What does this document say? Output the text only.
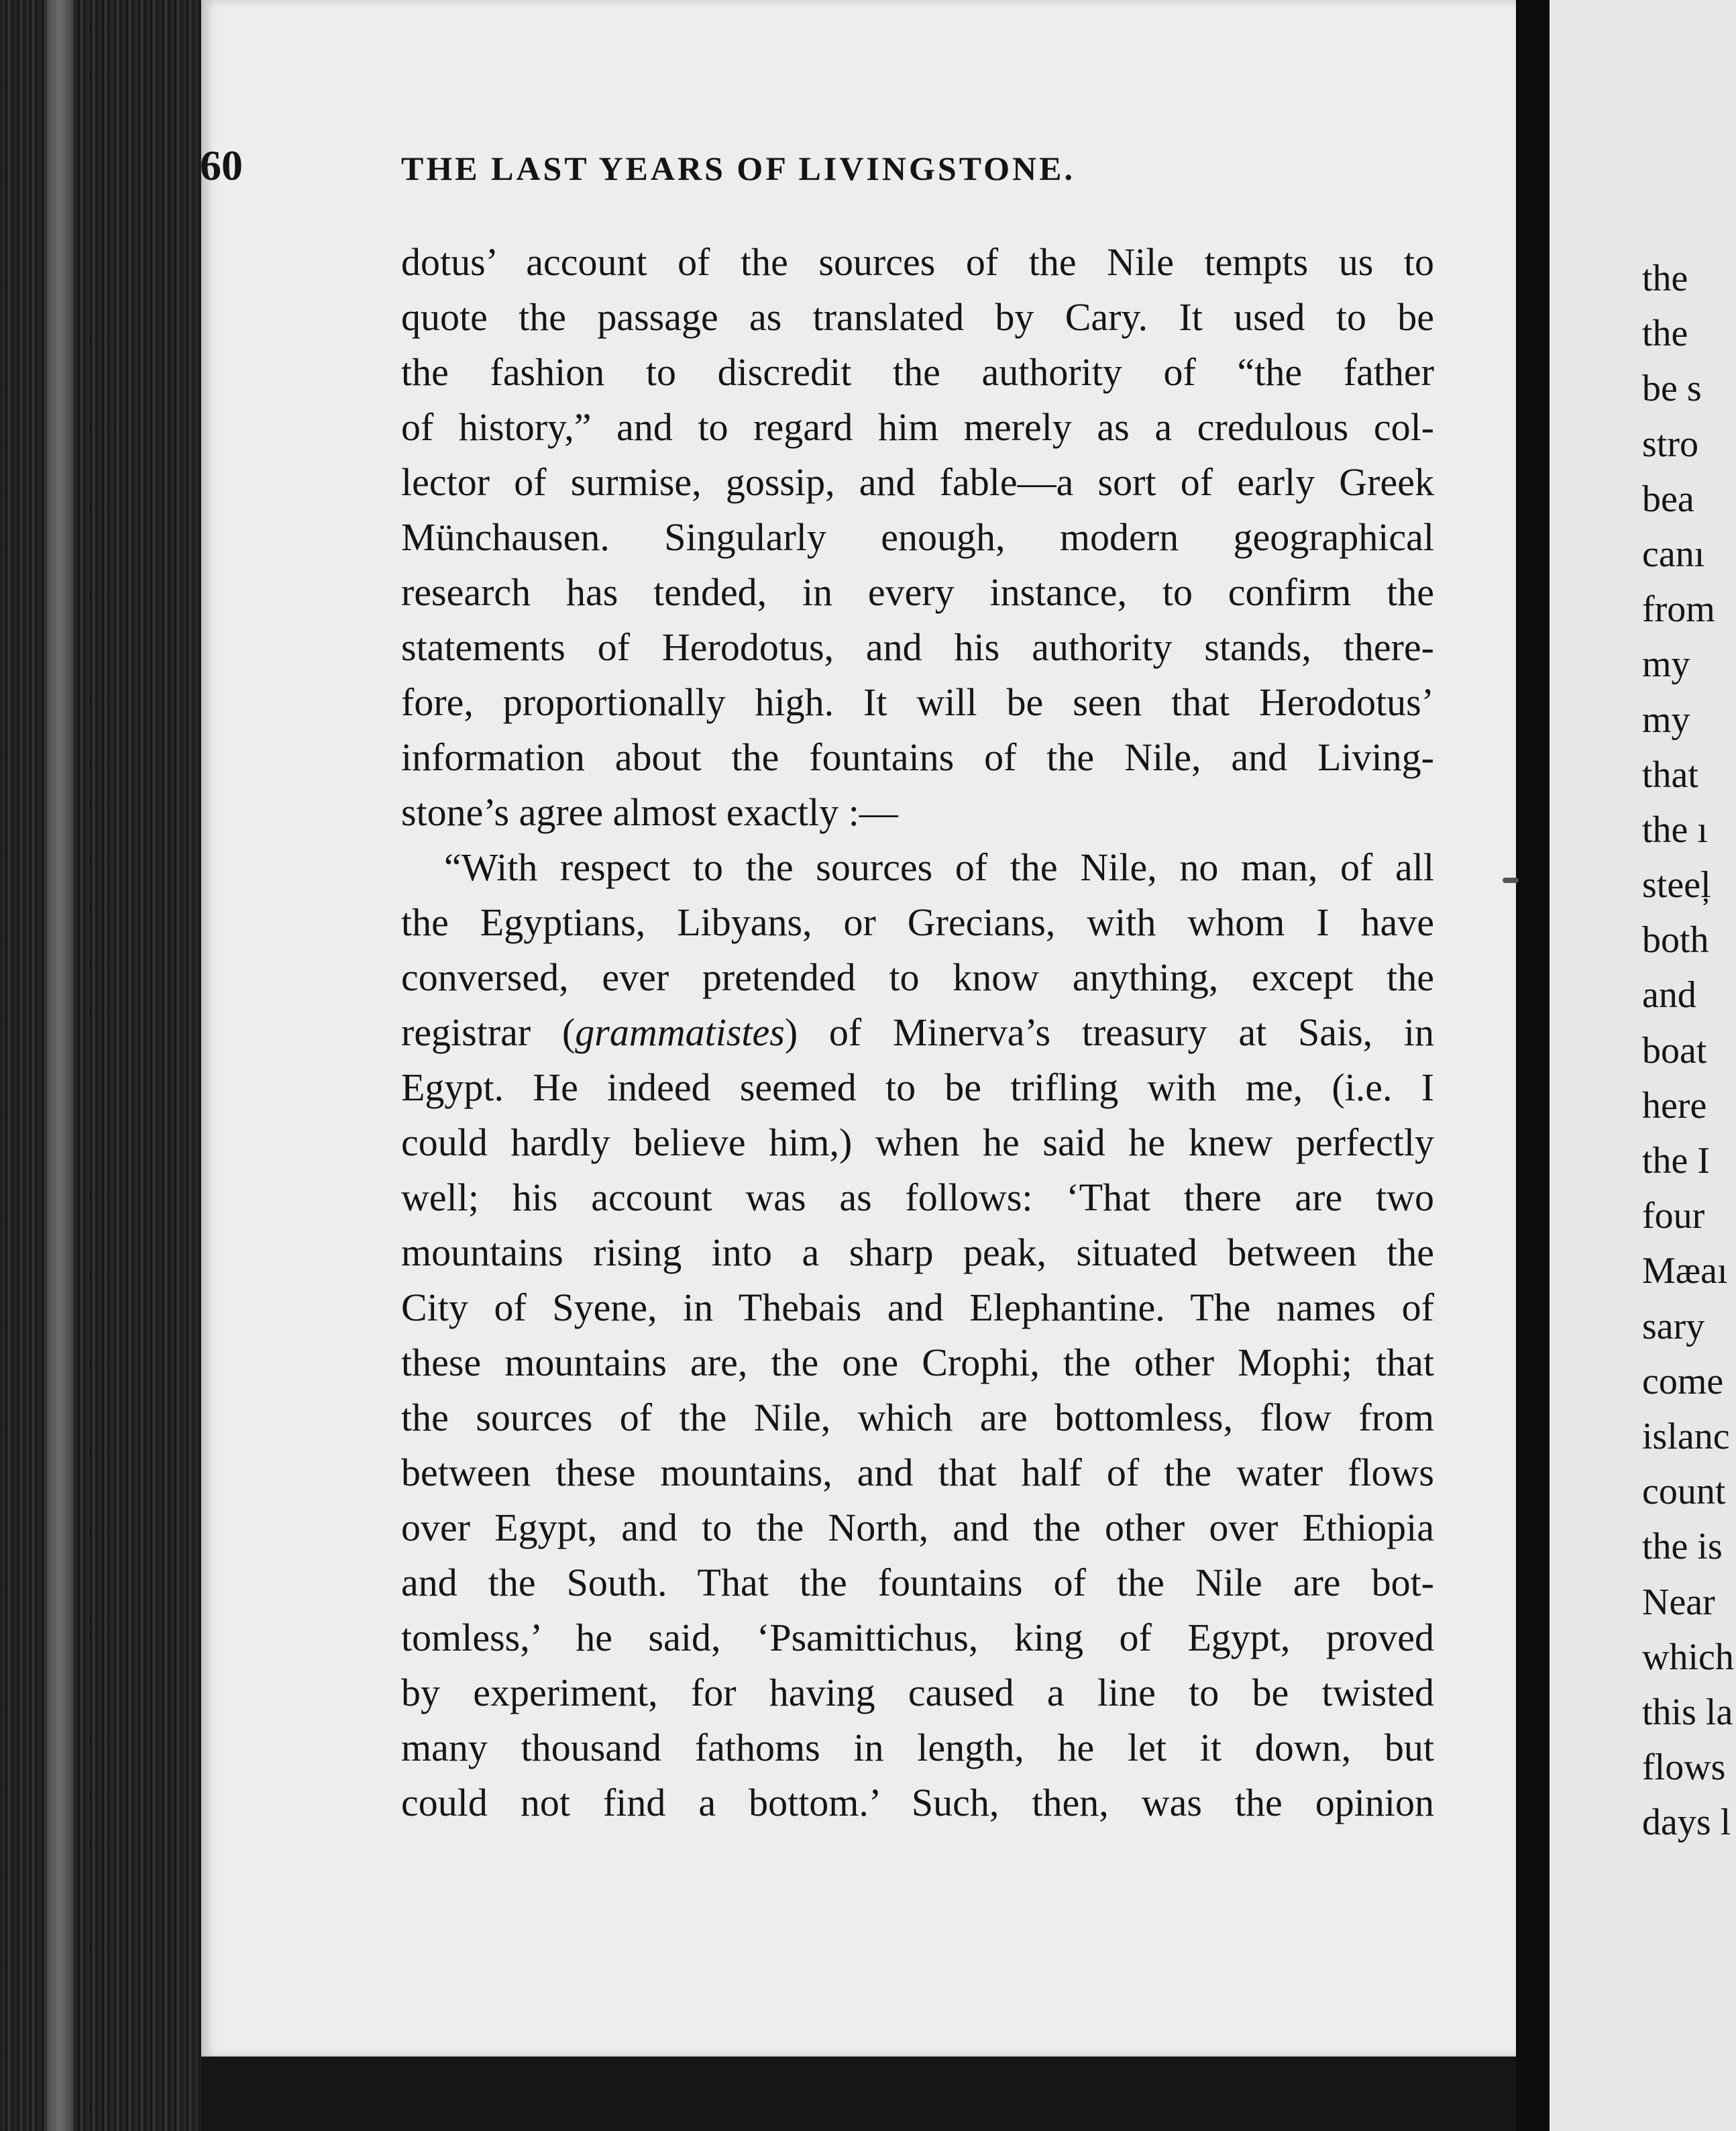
60	THE LAST YEARS OF LIVINGSTONE.
dotus’ account of the sources of the Nile tempts us to
quote the passage as translated by Cary. It used to be
the fashion to discredit the authority of “the father
of history,” and to regard him merely as a credulous col-
lector of surmise, gossip, and fable—a sort of early Greek
Münchausen. Singularly enough, modern geographical
research has tended, in every instance, to confirm the
statements of Herodotus, and his authority stands, there-
fore, proportionally high. It will be seen that Herodotus’
information about the fountains of the Nile, and Living-
stone’s agree almost exactly :—
“With respect to the sources of the Nile, no man, of all
the Egyptians, Libyans, or Grecians, with whom I have
conversed, ever pretended to know anything, except the
registrar (grammatistes) of Minerva’s treasury at Sais, in
Egypt. He indeed seemed to be trifling with me, (i.e. I
could hardly believe him,) when he said he knew perfectly
well; his account was as follows: ‘That there are two
mountains rising into a sharp peak, situated between the
City of Syene, in Thebais and Elephantine. The names of
these mountains are, the one Crophi, the other Mophi; that
the sources of the Nile, which are bottomless, flow from
between these mountains, and that half of the water flows
over Egypt, and to the North, and the other over Ethiopia
and the South. That the fountains of the Nile are bot-
tomless,’ he said, ‘Psamittichus, king of Egypt, proved
by experiment, for having caused a line to be twisted
many thousand fathoms in length, he let it down, but
could not find a bottom.’ Such, then, was the opinion
the
the
be s
stro
bea
canı
from
my
my
that
the ı
steeļ
both
and
boat
here
the I
four
Mæaı
sary
come
islanc
count
the is
Near
which
this la
flows
days l
